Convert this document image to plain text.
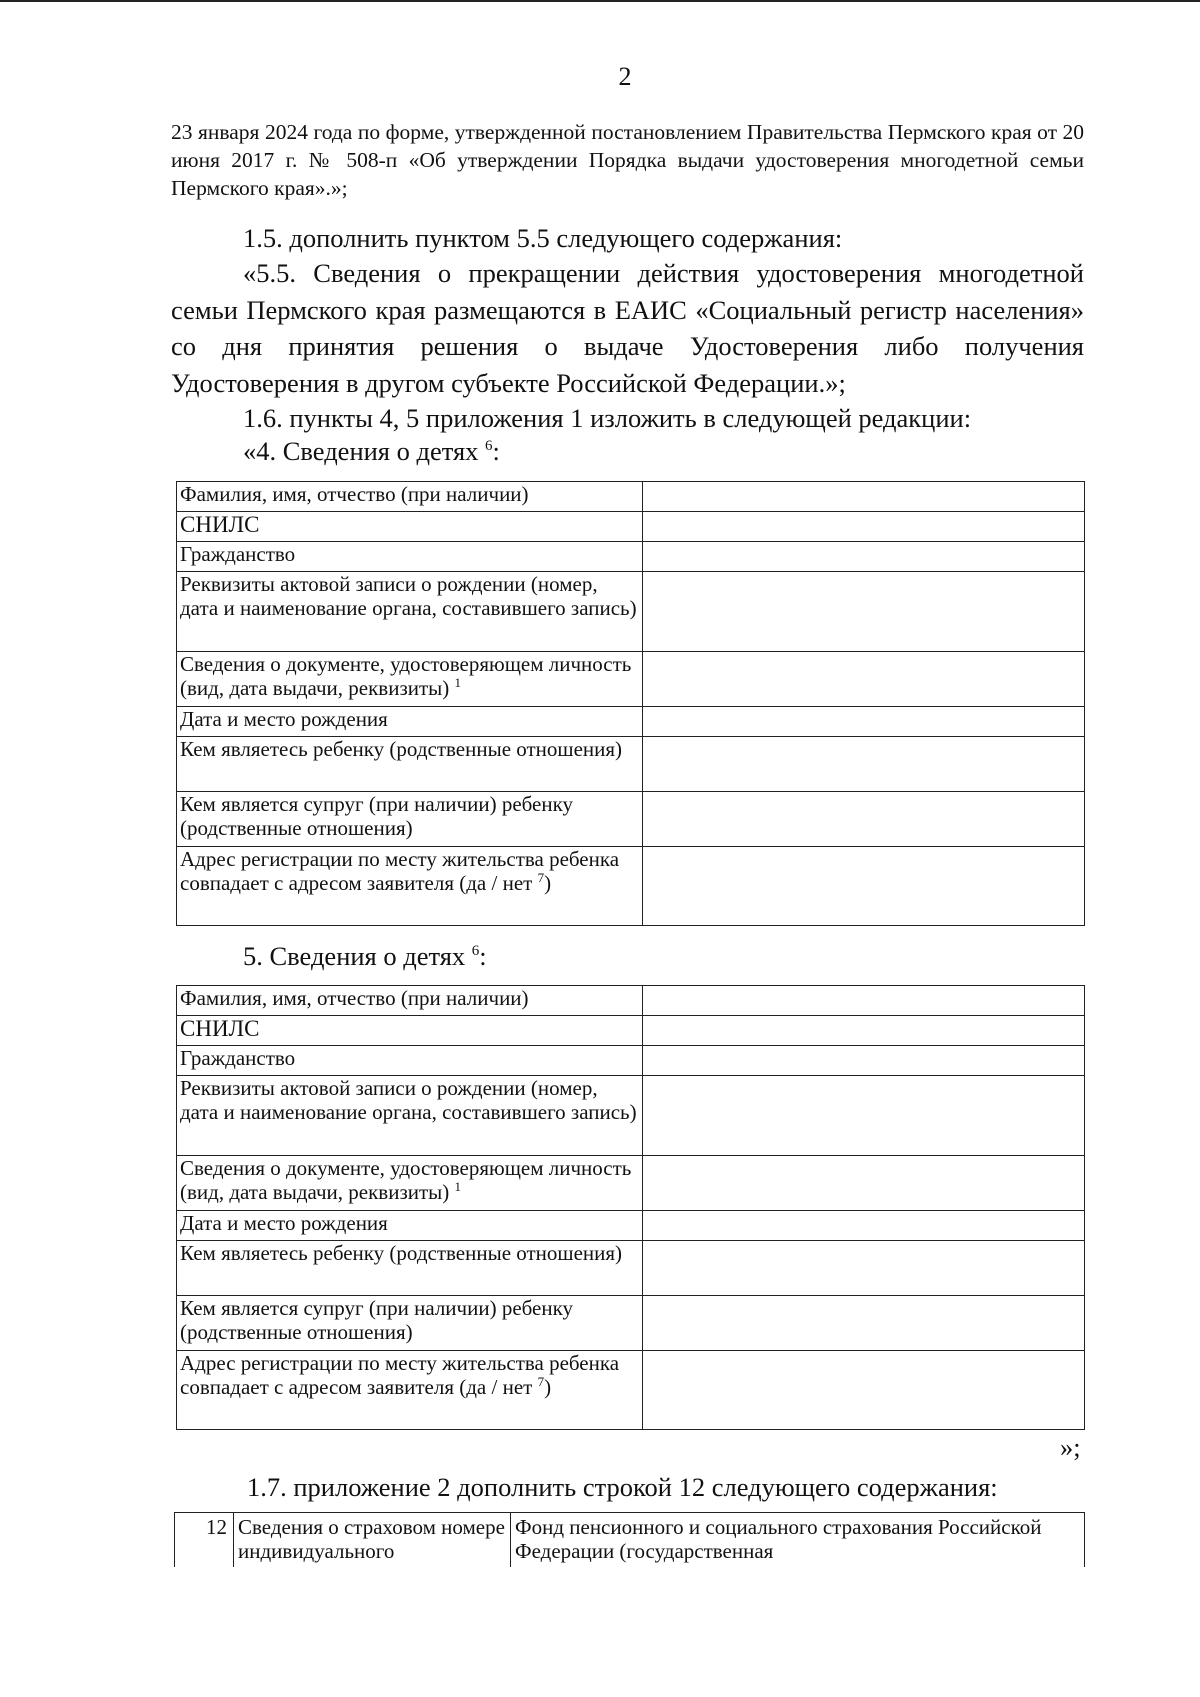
2

23 января 2024 года по форме, утвержденной постановлением Правительства Пермского края от 20 июня 2017 г. № 508-п «Об утверждении Порядка выдачи удостоверения многодетной семьи Пермского края».»;

1.5. дополнить пунктом 5.5 следующего содержания:

«5.5. Сведения о прекращении действия удостоверения многодетной семьи Пермского края размещаются в ЕАИС «Социальный регистр населения» со дня принятия решения о выдаче Удостоверения либо получения Удостоверения в другом субъекте Российской Федерации.»;

1.6. пункты 4, 5 приложения 1 изложить в следующей редакции:

«4. Сведения о детях $^6$:
Фамилия, имя, отчество (при наличии)	
СНИЛС	
Гражданство	
Реквизиты актовой записи о рождении (номер, дата и наименование органа, составившего запись)	
Сведения о документе, удостоверяющем личность (вид, дата выдачи, реквизиты) $^1$	
Дата и место рождения	
Кем являетесь ребенку (родственные отношения)	
Кем является супруг (при наличии) ребенку (родственные отношения)	
Адрес регистрации по месту жительства ребенка совпадает с адресом заявителя (да / нет $^7$)	
5. Сведения о детях $^6$:
Фамилия, имя, отчество (при наличии)	
СНИЛС	
Гражданство	
Реквизиты актовой записи о рождении (номер, дата и наименование органа, составившего запись)	
Сведения о документе, удостоверяющем личность (вид, дата выдачи, реквизиты) $^1$	
Дата и место рождения	
Кем являетесь ребенку (родственные отношения)	
Кем является супруг (при наличии) ребенку (родственные отношения)	
Адрес регистрации по месту жительства ребенка совпадает с адресом заявителя (да / нет $^7$)	
»;

1.7. приложение 2 дополнить строкой 12 следующего содержания:

12	Сведения о страховом номере индивидуального	Фонд пенсионного и социального страхования Российской Федерации (государственная
